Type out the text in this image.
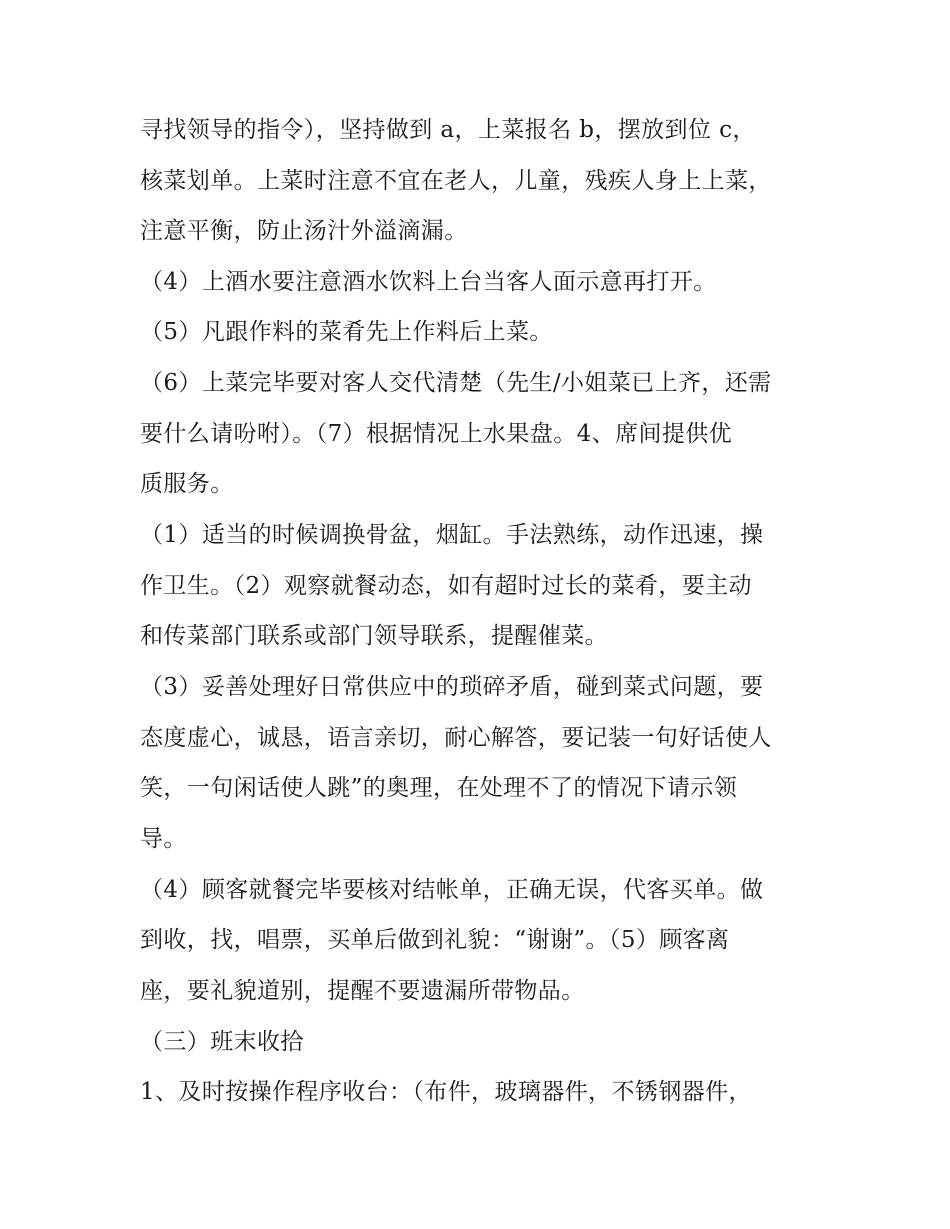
寻找领导的指令），坚持做到 a，上菜报名 b，摆放到位 c，
核菜划单。上菜时注意不宜在老人，儿童，残疾人身上上菜，
注意平衡，防止汤汁外溢滴漏。
（4）上酒水要注意酒水饮料上台当客人面示意再打开。
（5）凡跟作料的菜肴先上作料后上菜。
（6）上菜完毕要对客人交代清楚（先生/小姐菜已上齐，还需
要什么请吩咐）。（7）根据情况上水果盘。4、席间提供优
质服务。
（1）适当的时候调换骨盆，烟缸。手法熟练，动作迅速，操
作卫生。（2）观察就餐动态，如有超时过长的菜肴，要主动
和传菜部门联系或部门领导联系，提醒催菜。
（3）妥善处理好日常供应中的琐碎矛盾，碰到菜式问题，要
态度虚心，诚恳，语言亲切，耐心解答，要记装一句好话使人
笑，一句闲话使人跳”的奥理，在处理不了的情况下请示领
导。
（4）顾客就餐完毕要核对结帐单，正确无误，代客买单。做
到收，找，唱票，买单后做到礼貌：“谢谢”。（5）顾客离
座，要礼貌道别，提醒不要遗漏所带物品。
（三）班末收拾
1、及时按操作程序收台：（布件，玻璃器件，不锈钢器件，
